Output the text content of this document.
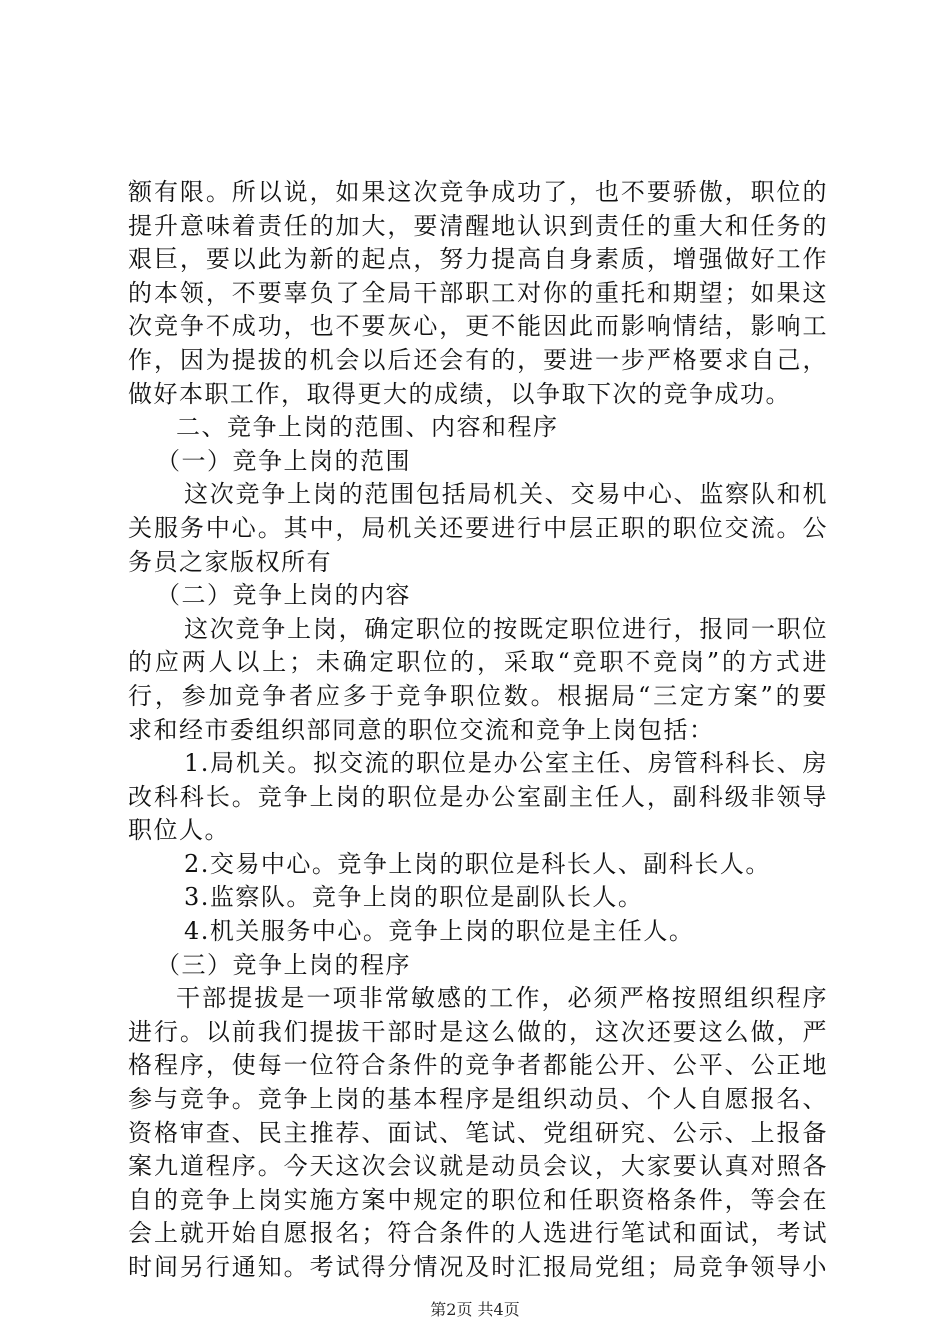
额有限。所以说，如果这次竞争成功了，也不要骄傲，职位的
提升意味着责任的加大，要清醒地认识到责任的重大和任务的
艰巨，要以此为新的起点，努力提高自身素质，增强做好工作
的本领，不要辜负了全局干部职工对你的重托和期望；如果这
次竞争不成功，也不要灰心，更不能因此而影响情结，影响工
作，因为提拔的机会以后还会有的，要进一步严格要求自己，
做好本职工作，取得更大的成绩，以争取下次的竞争成功。
二、竞争上岗的范围、内容和程序
（一）竞争上岗的范围
这次竞争上岗的范围包括局机关、交易中心、监察队和机
关服务中心。其中，局机关还要进行中层正职的职位交流。公
务员之家版权所有
（二）竞争上岗的内容
这次竞争上岗，确定职位的按既定职位进行，报同一职位
的应两人以上；未确定职位的，采取“竞职不竞岗”的方式进
行，参加竞争者应多于竞争职位数。根据局“三定方案”的要
求和经市委组织部同意的职位交流和竞争上岗包括：
1.局机关。拟交流的职位是办公室主任、房管科科长、房
改科科长。竞争上岗的职位是办公室副主任人，副科级非领导
职位人。
2.交易中心。竞争上岗的职位是科长人、副科长人。
3.监察队。竞争上岗的职位是副队长人。
4.机关服务中心。竞争上岗的职位是主任人。
（三）竞争上岗的程序
干部提拔是一项非常敏感的工作，必须严格按照组织程序
进行。以前我们提拔干部时是这么做的，这次还要这么做，严
格程序，使每一位符合条件的竞争者都能公开、公平、公正地
参与竞争。竞争上岗的基本程序是组织动员、个人自愿报名、
资格审查、民主推荐、面试、笔试、党组研究、公示、上报备
案九道程序。今天这次会议就是动员会议，大家要认真对照各
自的竞争上岗实施方案中规定的职位和任职资格条件，等会在
会上就开始自愿报名；符合条件的人选进行笔试和面试，考试
时间另行通知。考试得分情况及时汇报局党组；局竞争领导小
第2页 共4页
